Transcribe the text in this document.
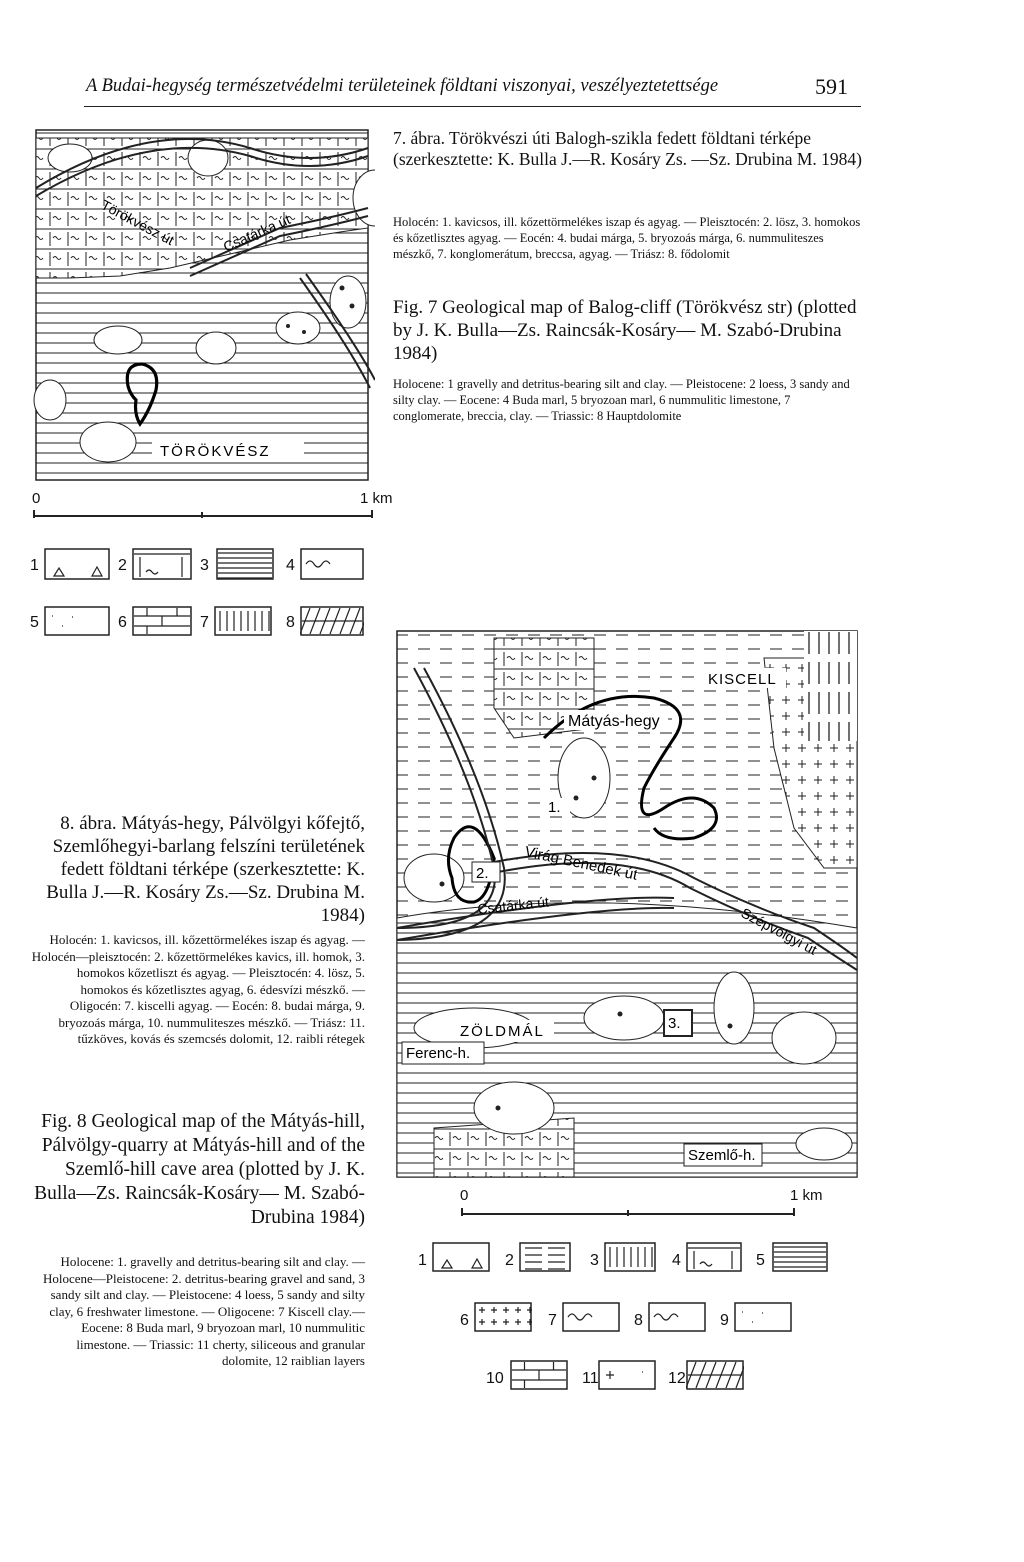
A Budai-hegység természetvédelmi területeinek földtani viszonyai, veszélyeztetettsége	591
TÖRÖKVÉSZ
Törökvész út	Csatárka út
0	1 km
1	2	3	4
5	6	7	8
7. ábra. Törökvészi úti Balogh-szikla fedett földtani térképe (szerkesztette: K. Bulla J.—R. Kosáry Zs. —Sz. Drubina M. 1984)
Holocén: 1. kavicsos, ill. kőzettörmelékes iszap és agyag. — Pleisztocén: 2. lösz, 3. homokos és kőzetlisztes agyag. — Eocén: 4. budai márga, 5. bryozoás márga, 6. nummuliteszes mészkő, 7. konglomerátum, breccsa, agyag. — Triász: 8. fődolomit
Fig. 7 Geological map of Balog-cliff (Törökvész str) (plotted by J. K. Bulla—Zs. Raincsák-Kosáry— M. Szabó-Drubina 1984)
Holocene: 1 gravelly and detritus-bearing silt and clay. — Pleistocene: 2 loess, 3 sandy and silty clay. — Eocene: 4 Buda marl, 5 bryozoan marl, 6 nummulitic limestone, 7 conglomerate, breccia, clay. — Triassic: 8 Hauptdolomite
KISCELL
Mátyás-hegy
1.
2.
3.
Virág Benedek út
Csatárka út	Szépvölgyi út
ZÖLDMÁL
Ferenc-h.
Szemlő-h.
0	1 km
1	2	3	4	5
6	7	8	9
10	11	12
8. ábra. Mátyás-hegy, Pálvölgyi kőfejtő, Szemlőhegyi-barlang felszíni területének fedett földtani térképe (szerkesztette: K. Bulla J.—R. Kosáry Zs.—Sz. Drubina M. 1984)
Holocén: 1. kavicsos, ill. kőzettörmelékes iszap és agyag. — Holocén—pleisztocén: 2. kőzettörmelékes kavics, ill. homok, 3. homokos kőzetliszt és agyag. — Pleisztocén: 4. lösz, 5. homokos és kőzetlisztes agyag, 6. édesvízi mészkő. — Oligocén: 7. kiscelli agyag. — Eocén: 8. budai márga, 9. bryozoás márga, 10. nummuliteszes mészkő. — Triász: 11. tűzköves, kovás és szemcsés dolomit, 12. raibli rétegek
Fig. 8 Geological map of the Mátyás-hill, Pálvölgy-quarry at Mátyás-hill and of the Szemlő-hill cave area (plotted by J. K. Bulla—Zs. Raincsák-Kosáry— M. Szabó-Drubina 1984)
Holocene: 1. gravelly and detritus-bearing silt and clay. — Holocene—Pleistocene: 2. detritus-bearing gravel and sand, 3 sandy silt and clay. — Pleistocene: 4 loess, 5 sandy and silty clay, 6 freshwater limestone. — Oligocene: 7 Kiscell clay.— Eocene: 8 Buda marl, 9 bryozoan marl, 10 nummulitic limestone. — Triassic: 11 cherty, siliceous and granular dolomite, 12 raiblian layers
